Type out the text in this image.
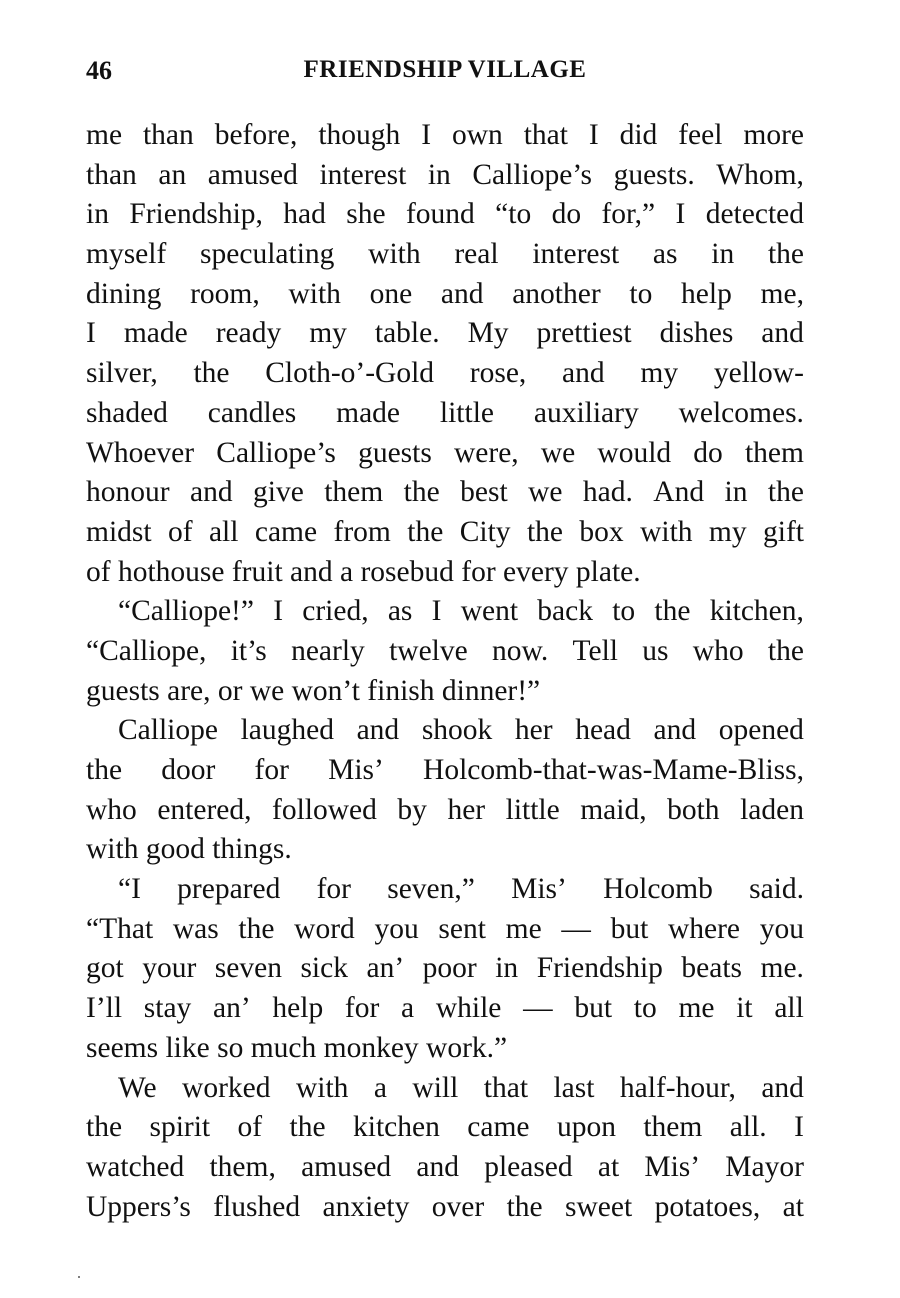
46	FRIENDSHIP VILLAGE
me than before, though I own that I did feel more
than an amused interest in Calliope’s guests. Whom,
in Friendship, had she found “to do for,” I detected
myself speculating with real interest as in the
dining room, with one and another to help me,
I made ready my table. My prettiest dishes and
silver, the Cloth-o’-Gold rose, and my yellow-
shaded candles made little auxiliary welcomes.
Whoever Calliope’s guests were, we would do them
honour and give them the best we had. And in the
midst of all came from the City the box with my gift
of hothouse fruit and a rosebud for every plate.
“Calliope!” I cried, as I went back to the kitchen,
“Calliope, it’s nearly twelve now. Tell us who the
guests are, or we won’t finish dinner!”
Calliope laughed and shook her head and opened
the door for Mis’ Holcomb-that-was-Mame-Bliss,
who entered, followed by her little maid, both laden
with good things.
“I prepared for seven,” Mis’ Holcomb said.
“That was the word you sent me — but where you
got your seven sick an’ poor in Friendship beats me.
I’ll stay an’ help for a while — but to me it all
seems like so much monkey work.”
We worked with a will that last half-hour, and
the spirit of the kitchen came upon them all. I
watched them, amused and pleased at Mis’ Mayor
Uppers’s flushed anxiety over the sweet potatoes, at
